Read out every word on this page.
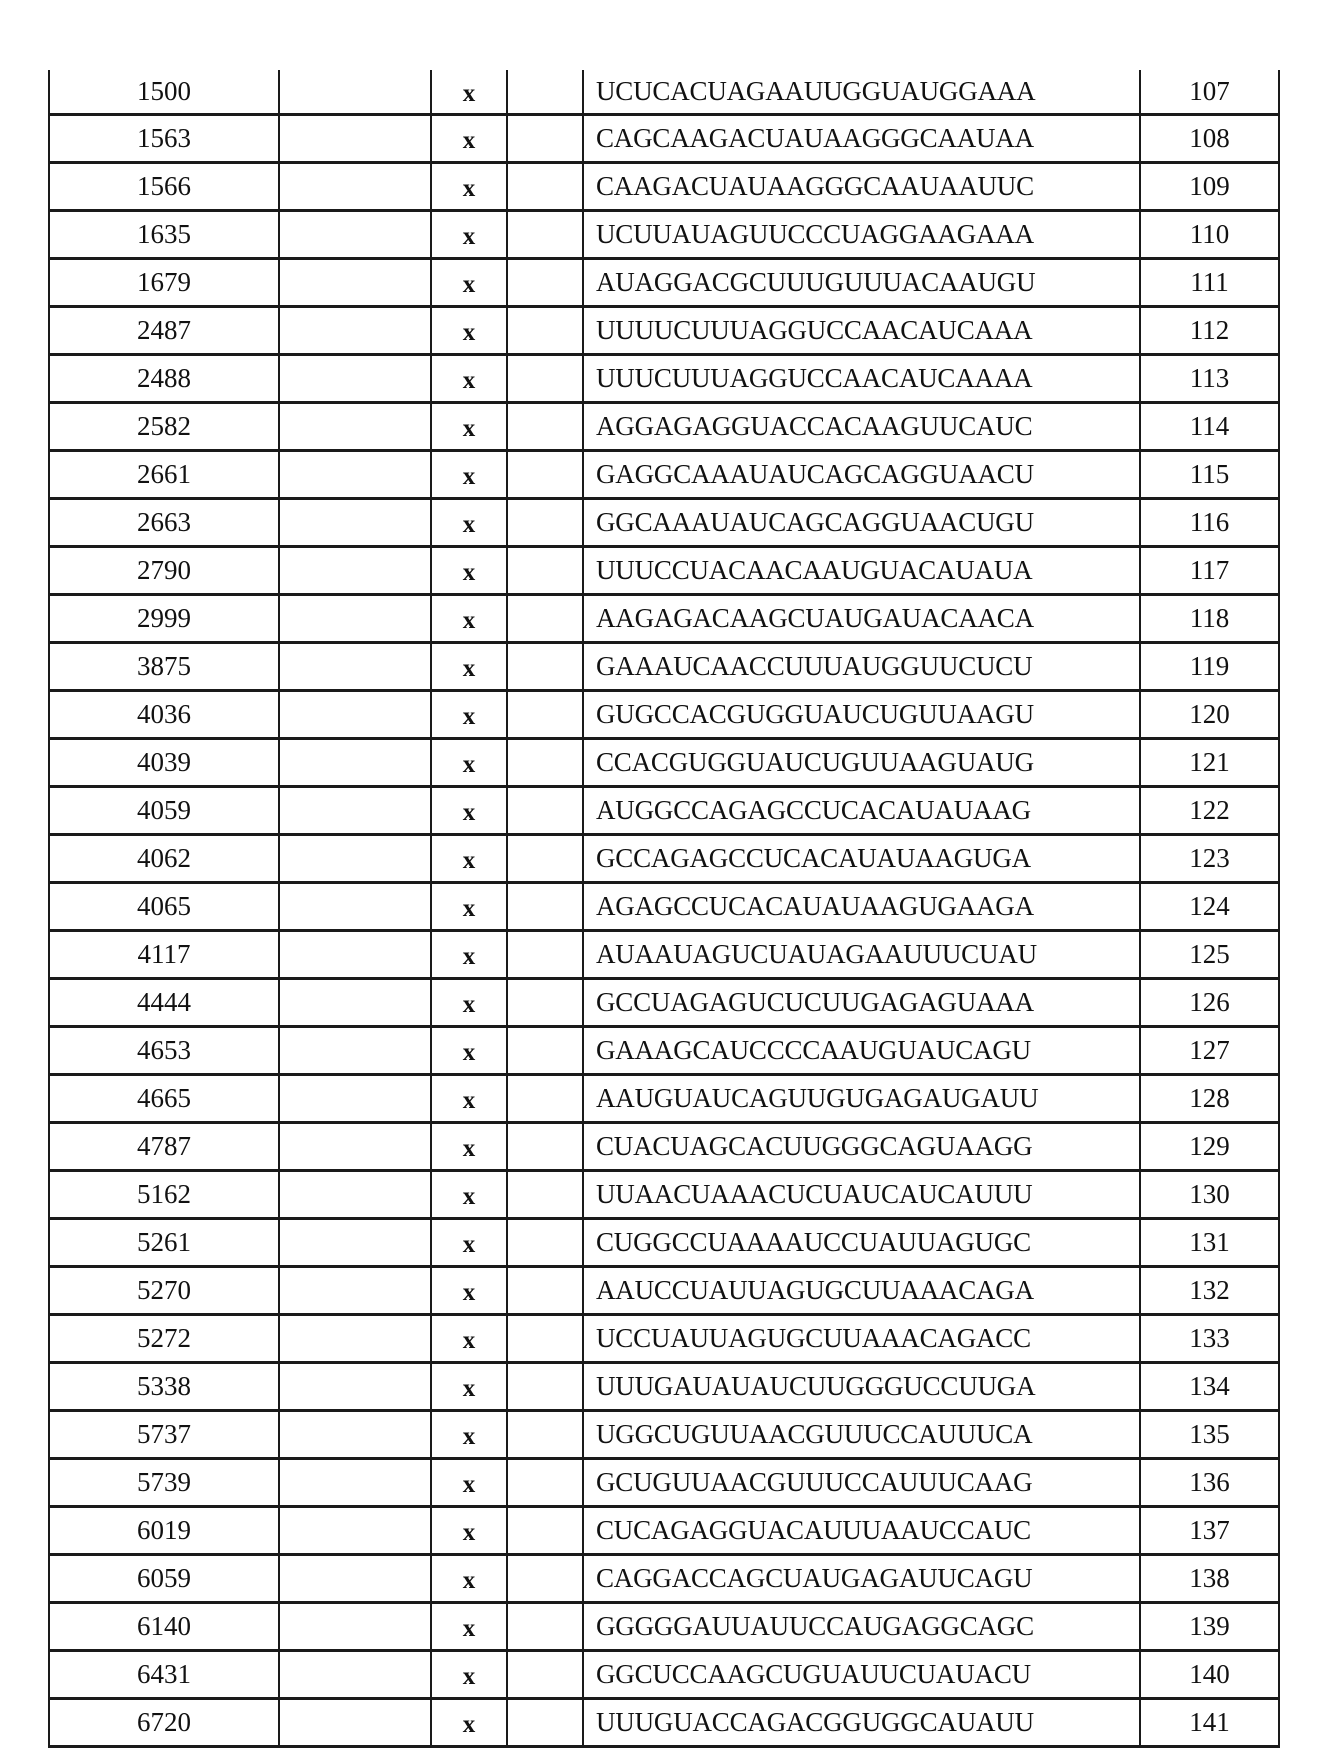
1500		x		UCUCACUAGAAUUGGUAUGGAAA	107
1563		x		CAGCAAGACUAUAAGGGCAAUAA	108
1566		x		CAAGACUAUAAGGGCAAUAAUUC	109
1635		x		UCUUAUAGUUCCCUAGGAAGAAA	110
1679		x		AUAGGACGCUUUGUUUACAAUGU	111
2487		x		UUUUCUUUAGGUCCAACAUCAAA	112
2488		x		UUUCUUUAGGUCCAACAUCAAAA	113
2582		x		AGGAGAGGUACCACAAGUUCAUC	114
2661		x		GAGGCAAAUAUCAGCAGGUAACU	115
2663		x		GGCAAAUAUCAGCAGGUAACUGU	116
2790		x		UUUCCUACAACAAUGUACAUAUA	117
2999		x		AAGAGACAAGCUAUGAUACAACA	118
3875		x		GAAAUCAACCUUUAUGGUUCUCU	119
4036		x		GUGCCACGUGGUAUCUGUUAAGU	120
4039		x		CCACGUGGUAUCUGUUAAGUAUG	121
4059		x		AUGGCCAGAGCCUCACAUAUAAG	122
4062		x		GCCAGAGCCUCACAUAUAAGUGA	123
4065		x		AGAGCCUCACAUAUAAGUGAAGA	124
4117		x		AUAAUAGUCUAUAGAAUUUCUAU	125
4444		x		GCCUAGAGUCUCUUGAGAGUAAA	126
4653		x		GAAAGCAUCCCCAAUGUAUCAGU	127
4665		x		AAUGUAUCAGUUGUGAGAUGAUU	128
4787		x		CUACUAGCACUUGGGCAGUAAGG	129
5162		x		UUAACUAAACUCUAUCAUCAUUU	130
5261		x		CUGGCCUAAAAUCCUAUUAGUGC	131
5270		x		AAUCCUAUUAGUGCUUAAACAGA	132
5272		x		UCCUAUUAGUGCUUAAACAGACC	133
5338		x		UUUGAUAUAUCUUGGGUCCUUGA	134
5737		x		UGGCUGUUAACGUUUCCAUUUCA	135
5739		x		GCUGUUAACGUUUCCAUUUCAAG	136
6019		x		CUCAGAGGUACAUUUAAUCCAUC	137
6059		x		CAGGACCAGCUAUGAGAUUCAGU	138
6140		x		GGGGGAUUAUUCCAUGAGGCAGC	139
6431		x		GGCUCCAAGCUGUAUUCUAUACU	140
6720		x		UUUGUACCAGACGGUGGCAUAUU	141
